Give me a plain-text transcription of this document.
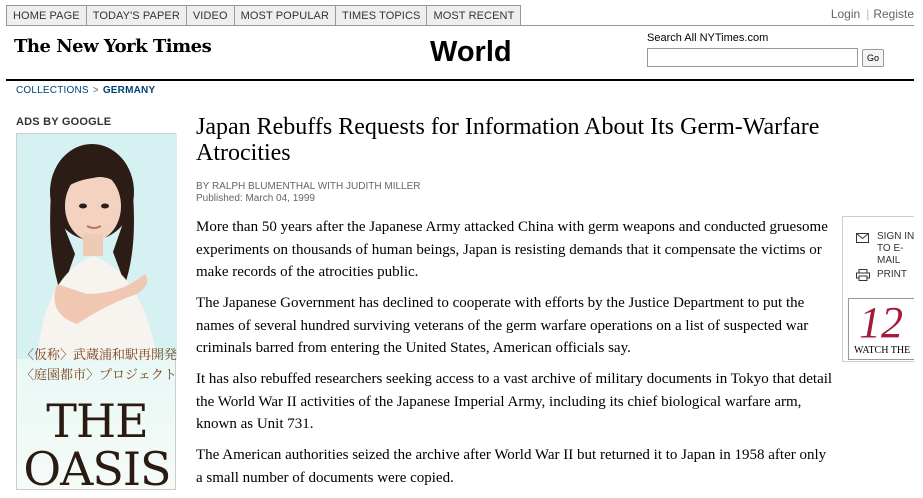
HOME PAGE	TODAY'S PAPER	VIDEO	MOST POPULAR	TIMES TOPICS	MOST RECENT	Login | Registe
The New York Times	World	Search All NYTimes.com
Go
COLLECTIONS > GERMANY
ADS BY GOOGLE
〈仮称〉武蔵浦和駅再開発
〈庭園都市〉プロジェクト
THE
OASIS
Japan Rebuffs Requests for Information About Its Germ-Warfare Atrocities
BY RALPH BLUMENTHAL WITH JUDITH MILLER
Published: March 04, 1999

More than 50 years after the Japanese Army attacked China with germ weapons and conducted gruesome experiments on thousands of human beings, Japan is resisting demands that it compensate the victims or make records of the atrocities public.

The Japanese Government has declined to cooperate with efforts by the Justice Department to put the names of several hundred surviving veterans of the germ warfare operations on a list of suspected war criminals barred from entering the United States, American officials say.

It has also rebuffed researchers seeking access to a vast archive of military documents in Tokyo that detail the World War II activities of the Japanese Imperial Army, including its chief biological warfare arm, known as Unit 731.

The American authorities seized the archive after World War II but returned it to Japan in 1958 after only a small number of documents were copied.

SIGN IN TO E-MAIL
PRINT
12
WATCH THE
